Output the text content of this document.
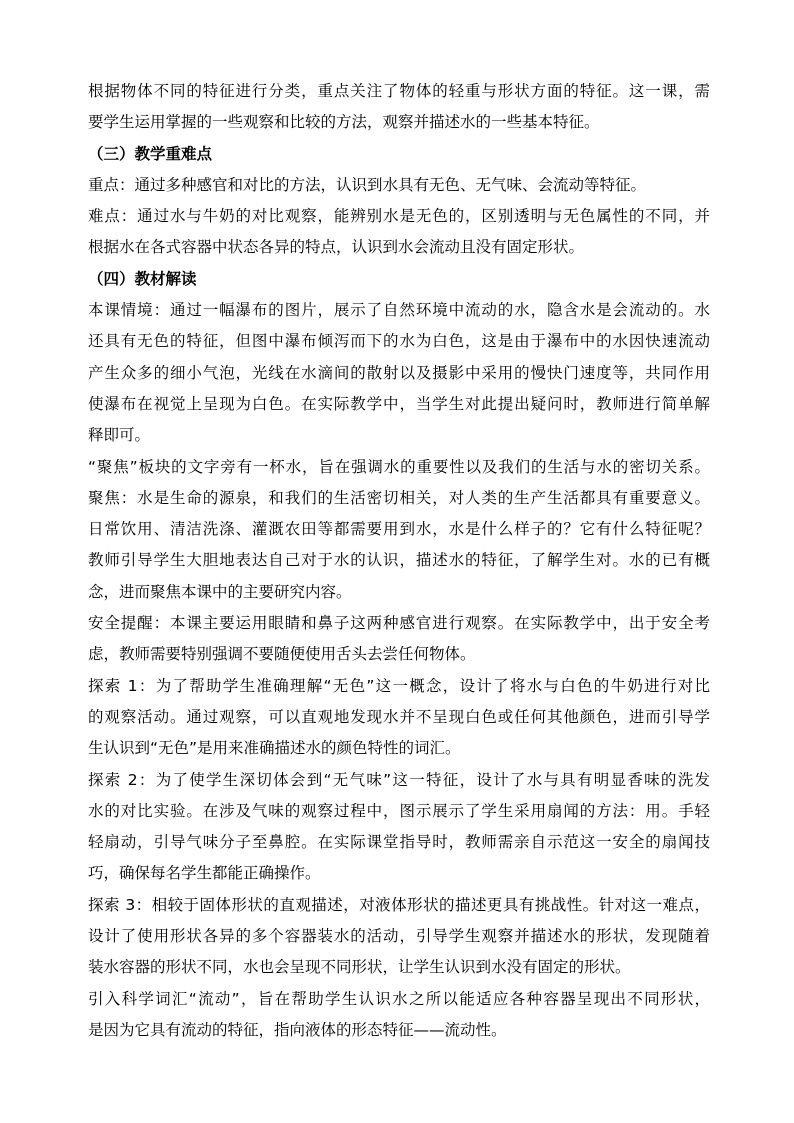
根据物体不同的特征进行分类，重点关注了物体的轻重与形状方面的特征。这一课，需
要学生运用掌握的一些观察和比较的方法，观察并描述水的一些基本特征。
（三）教学重难点
重点：通过多种感官和对比的方法，认识到水具有无色、无气味、会流动等特征。
难点：通过水与牛奶的对比观察，能辨别水是无色的，区别透明与无色属性的不同，并
根据水在各式容器中状态各异的特点，认识到水会流动且没有固定形状。
（四）教材解读
本课情境：通过一幅瀑布的图片，展示了自然环境中流动的水，隐含水是会流动的。水
还具有无色的特征，但图中瀑布倾泻而下的水为白色，这是由于瀑布中的水因快速流动
产生众多的细小气泡，光线在水滴间的散射以及摄影中采用的慢快门速度等，共同作用
使瀑布在视觉上呈现为白色。在实际教学中，当学生对此提出疑问时，教师进行简单解
释即可。
“聚焦”板块的文字旁有一杯水，旨在强调水的重要性以及我们的生活与水的密切关系。
聚焦：水是生命的源泉，和我们的生活密切相关，对人类的生产生活都具有重要意义。
日常饮用、清洁洗涤、灌溉农田等都需要用到水，水是什么样子的？它有什么特征呢？
教师引导学生大胆地表达自己对于水的认识，描述水的特征，了解学生对。水的已有概
念，进而聚焦本课中的主要研究内容。
安全提醒：本课主要运用眼睛和鼻子这两种感官进行观察。在实际教学中，出于安全考
虑，教师需要特别强调不要随便使用舌头去尝任何物体。
探索 1：为了帮助学生准确理解“无色”这一概念，设计了将水与白色的牛奶进行对比
的观察活动。通过观察，可以直观地发现水并不呈现白色或任何其他颜色，进而引导学
生认识到“无色”是用来准确描述水的颜色特性的词汇。
探索 2：为了使学生深切体会到“无气味”这一特征，设计了水与具有明显香味的洗发
水的对比实验。在涉及气味的观察过程中，图示展示了学生采用扇闻的方法：用。手轻
轻扇动，引导气味分子至鼻腔。在实际课堂指导时，教师需亲自示范这一安全的扇闻技
巧，确保每名学生都能正确操作。
探索 3：相较于固体形状的直观描述，对液体形状的描述更具有挑战性。针对这一难点，
设计了使用形状各异的多个容器装水的活动，引导学生观察并描述水的形状，发现随着
装水容器的形状不同，水也会呈现不同形状，让学生认识到水没有固定的形状。
引入科学词汇“流动”，旨在帮助学生认识水之所以能适应各种容器呈现出不同形状，
是因为它具有流动的特征，指向液体的形态特征——流动性。
